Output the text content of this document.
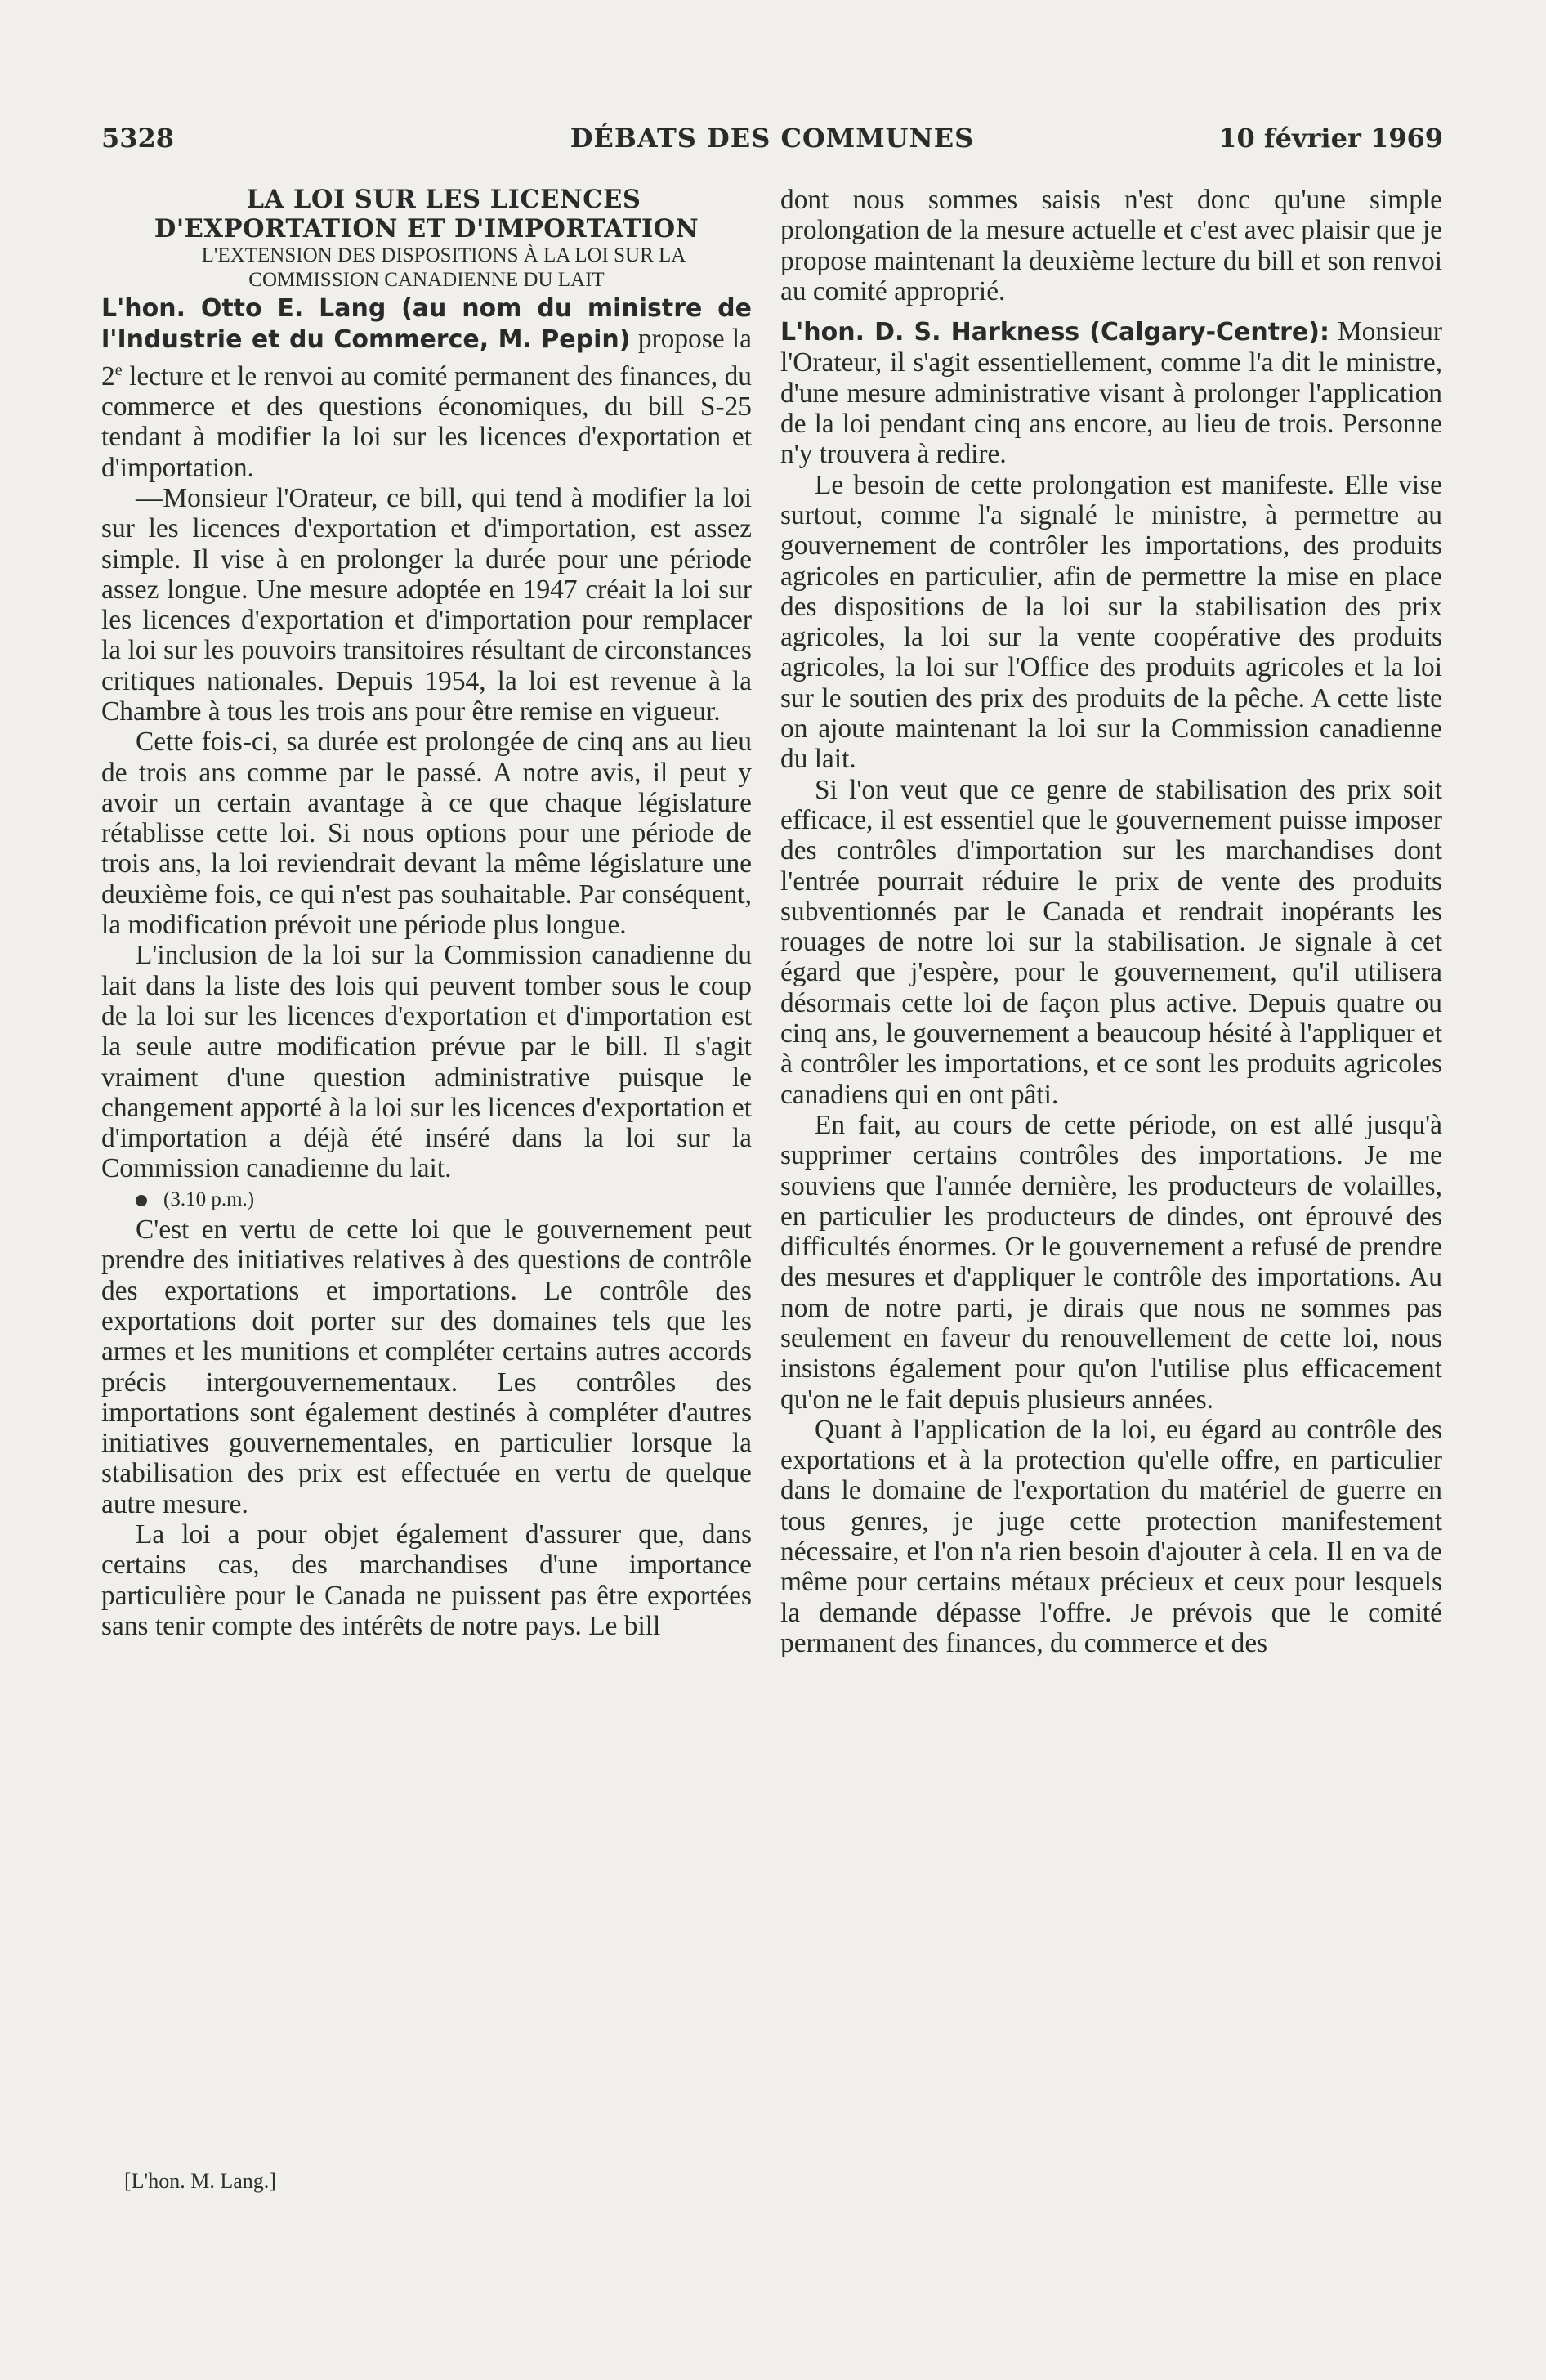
DÉBATS DES COMMUNES
5328	10 février 1969

LA LOI SUR LES LICENCES D'EXPORTATION ET D'IMPORTATION

L'EXTENSION DES DISPOSITIONS À LA LOI SUR LA COMMISSION CANADIENNE DU LAIT

L'hon. Otto E. Lang (au nom du ministre de l'Industrie et du Commerce, M. Pepin) propose la 2e lecture et le renvoi au comité permanent des finances, du commerce et des questions économiques, du bill S-25 tendant à modifier la loi sur les licences d'exportation et d'importation.

—Monsieur l'Orateur, ce bill, qui tend à modifier la loi sur les licences d'exportation et d'importation, est assez simple. Il vise à en prolonger la durée pour une période assez longue. Une mesure adoptée en 1947 créait la loi sur les licences d'exportation et d'importation pour remplacer la loi sur les pouvoirs transitoires résultant de circonstances critiques nationales. Depuis 1954, la loi est revenue à la Chambre à tous les trois ans pour être remise en vigueur.

Cette fois-ci, sa durée est prolongée de cinq ans au lieu de trois ans comme par le passé. A notre avis, il peut y avoir un certain avantage à ce que chaque législature rétablisse cette loi. Si nous options pour une période de trois ans, la loi reviendrait devant la même législature une deuxième fois, ce qui n'est pas souhaitable. Par conséquent, la modification prévoit une période plus longue.

L'inclusion de la loi sur la Commission canadienne du lait dans la liste des lois qui peuvent tomber sous le coup de la loi sur les licences d'exportation et d'importation est la seule autre modification prévue par le bill. Il s'agit vraiment d'une question administrative puisque le changement apporté à la loi sur les licences d'exportation et d'importation a déjà été inséré dans la loi sur la Commission canadienne du lait.

(3.10 p.m.)

C'est en vertu de cette loi que le gouvernement peut prendre des initiatives relatives à des questions de contrôle des exportations et importations. Le contrôle des exportations doit porter sur des domaines tels que les armes et les munitions et compléter certains autres accords précis intergouvernementaux. Les contrôles des importations sont également destinés à compléter d'autres initiatives gouvernementales, en particulier lorsque la stabilisation des prix est effectuée en vertu de quelque autre mesure.

La loi a pour objet également d'assurer que, dans certains cas, des marchandises d'une importance particulière pour le Canada ne puissent pas être exportées sans tenir compte des intérêts de notre pays. Le bill

dont nous sommes saisis n'est donc qu'une simple prolongation de la mesure actuelle et c'est avec plaisir que je propose maintenant la deuxième lecture du bill et son renvoi au comité approprié.

L'hon. D. S. Harkness (Calgary-Centre): Monsieur l'Orateur, il s'agit essentiellement, comme l'a dit le ministre, d'une mesure administrative visant à prolonger l'application de la loi pendant cinq ans encore, au lieu de trois. Personne n'y trouvera à redire.

Le besoin de cette prolongation est manifeste. Elle vise surtout, comme l'a signalé le ministre, à permettre au gouvernement de contrôler les importations, des produits agricoles en particulier, afin de permettre la mise en place des dispositions de la loi sur la stabilisation des prix agricoles, la loi sur la vente coopérative des produits agricoles, la loi sur l'Office des produits agricoles et la loi sur le soutien des prix des produits de la pêche. A cette liste on ajoute maintenant la loi sur la Commission canadienne du lait.

Si l'on veut que ce genre de stabilisation des prix soit efficace, il est essentiel que le gouvernement puisse imposer des contrôles d'importation sur les marchandises dont l'entrée pourrait réduire le prix de vente des produits subventionnés par le Canada et rendrait inopérants les rouages de notre loi sur la stabilisation. Je signale à cet égard que j'espère, pour le gouvernement, qu'il utilisera désormais cette loi de façon plus active. Depuis quatre ou cinq ans, le gouvernement a beaucoup hésité à l'appliquer et à contrôler les importations, et ce sont les produits agricoles canadiens qui en ont pâti.

En fait, au cours de cette période, on est allé jusqu'à supprimer certains contrôles des importations. Je me souviens que l'année dernière, les producteurs de volailles, en particulier les producteurs de dindes, ont éprouvé des difficultés énormes. Or le gouvernement a refusé de prendre des mesures et d'appliquer le contrôle des importations. Au nom de notre parti, je dirais que nous ne sommes pas seulement en faveur du renouvellement de cette loi, nous insistons également pour qu'on l'utilise plus efficacement qu'on ne le fait depuis plusieurs années.

Quant à l'application de la loi, eu égard au contrôle des exportations et à la protection qu'elle offre, en particulier dans le domaine de l'exportation du matériel de guerre en tous genres, je juge cette protection manifestement nécessaire, et l'on n'a rien besoin d'ajouter à cela. Il en va de même pour certains métaux précieux et ceux pour lesquels la demande dépasse l'offre. Je prévois que le comité permanent des finances, du commerce et des

[L'hon. M. Lang.]
